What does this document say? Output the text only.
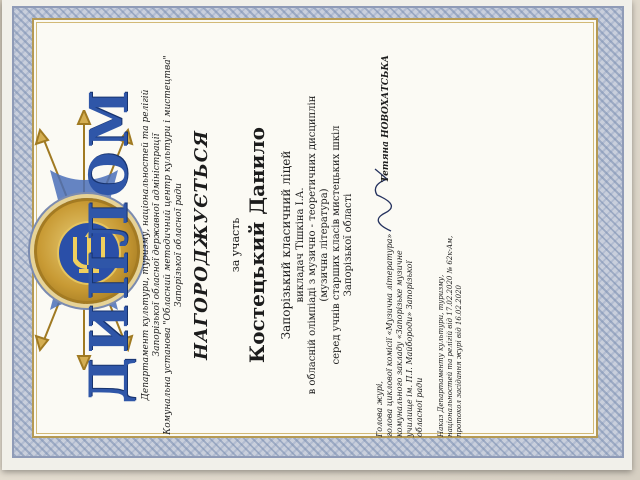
ДИПЛОМ Департамент культури, туризму, національностей та релігій Запорізької обласної державної адміністрації Комунальна установа "Обласний методичний центр культури і мистецтва" Запорізької обласної ради НАГОРОДЖУЄТЬСЯ за участь Костецький Данило Запорізький класичний ліцей викладач Тішкіна І.А. в обласній олімпіаді з музично - теоретичних дисциплін (музична література) серед учнів старших класів мистецьких шкіл Запорізької області
Голова журі, голова циклової комісії «Музична література» комунального закладу «Запорізьке музичне училище ім. П.І. Майбороди» Запорізької обласної ради
Тетяна НОВОХАТСЬКА
Наказ Департаменту культури, туризму, національностей та релігій від 17.02.2020 № 62к-Ам, протокол засідання журі від 16.02.2020
